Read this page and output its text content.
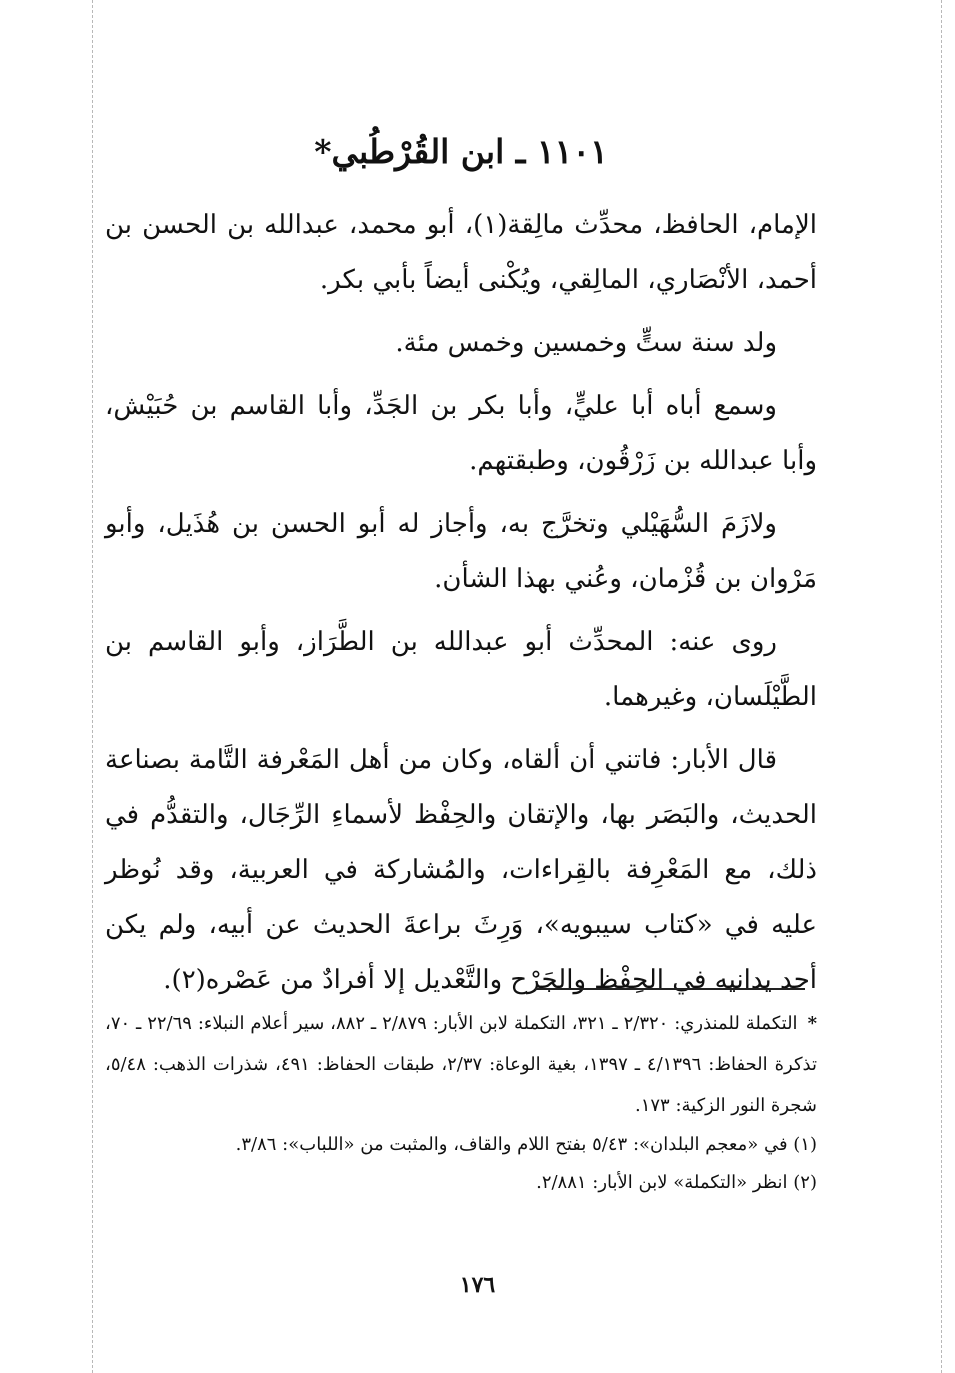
١١٠١ ـ ابن القُرْطُبي*

الإمام، الحافظ، محدِّث مالِقة(١)، أبو محمد، عبدالله بن الحسن بن أحمد، الأنْصَاري، المالِقي، ويُكْنى أيضاً بأبي بكر.

ولد سنة ستٍّ وخمسين وخمس مئة.

وسمع أباه أبا عليٍّ، وأبا بكر بن الجَدِّ، وأبا القاسم بن حُبَيْش، وأبا عبدالله بن زَرْقُون، وطبقتهم.

ولازَمَ السُّهَيْلي وتخرَّج به، وأجاز له أبو الحسن بن هُذَيل، وأبو مَرْوان بن قُزْمان، وعُني بهذا الشأن.

روى عنه: المحدِّث أبو عبدالله بن الطَّرَاز، وأبو القاسم بن الطَّيْلَسان، وغيرهما.

قال الأبار: فاتني أن ألقاه، وكان من أهل المَعْرفة التَّامة بصناعة الحديث، والبَصَر بها، والإتقان والحِفْظ لأسماءِ الرِّجَال، والتقدُّم في ذلك، مع المَعْرِفة بالقِراءات، والمُشاركة في العربية، وقد نُوظر عليه في «كتاب سيبويه»، وَرِثَ براعةَ الحديث عن أبيه، ولم يكن أحد يدانيه في الحِفْظ والجَرْح والتَّعْديل إلا أفرادٌ من عَصْره(٢).

*التكملة للمنذري: ٢/٣٢٠ ـ ٣٢١، التكملة لابن الأبار: ٢/٨٧٩ ـ ٨٨٢، سير أعلام النبلاء: ٢٢/٦٩ ـ ٧٠، تذكرة الحفاظ: ٤/١٣٩٦ ـ ١٣٩٧، بغية الوعاة: ٢/٣٧، طبقات الحفاظ: ٤٩١، شذرات الذهب: ٥/٤٨، شجرة النور الزكية: ١٧٣.

(١) في «معجم البلدان»: ٥/٤٣ بفتح اللام والقاف، والمثبت من «اللباب»: ٣/٨٦.

(٢) انظر «التكملة» لابن الأبار: ٢/٨٨١.

١٧٦
